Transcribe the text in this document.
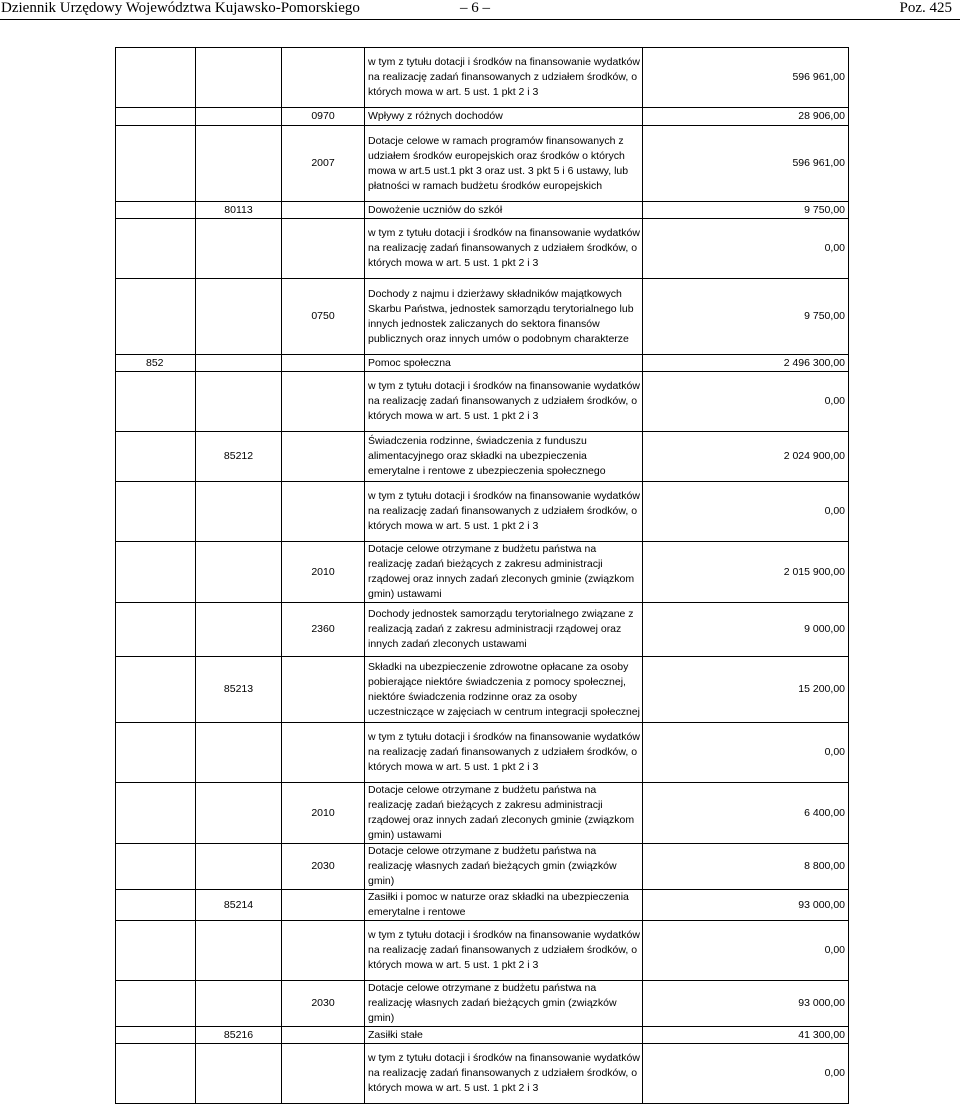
Dziennik Urzędowy Województwa Kujawsko-Pomorskiego	– 6 –	Poz. 425
			w tym z tytułu dotacji i środków na finansowanie wydatków na realizację zadań finansowanych z udziałem środków, o których mowa w art. 5 ust. 1 pkt 2 i 3	596 961,00
		0970	Wpływy z różnych dochodów	28 906,00
		2007	Dotacje celowe w ramach programów finansowanych z udziałem środków europejskich oraz środków o których mowa w art.5 ust.1 pkt 3 oraz ust. 3 pkt 5 i 6 ustawy, lub płatności w ramach budżetu środków europejskich	596 961,00
	80113		Dowożenie uczniów do szkół	9 750,00
			w tym z tytułu dotacji i środków na finansowanie wydatków na realizację zadań finansowanych z udziałem środków, o których mowa w art. 5 ust. 1 pkt 2 i 3	0,00
		0750	Dochody z najmu i dzierżawy składników majątkowych Skarbu Państwa, jednostek samorządu terytorialnego lub innych jednostek zaliczanych do sektora finansów publicznych oraz innych umów o podobnym charakterze	9 750,00
852			Pomoc społeczna	2 496 300,00
			w tym z tytułu dotacji i środków na finansowanie wydatków na realizację zadań finansowanych z udziałem środków, o których mowa w art. 5 ust. 1 pkt 2 i 3	0,00
	85212		Świadczenia rodzinne, świadczenia z funduszu alimentacyjnego oraz składki na ubezpieczenia emerytalne i rentowe z ubezpieczenia społecznego	2 024 900,00
			w tym z tytułu dotacji i środków na finansowanie wydatków na realizację zadań finansowanych z udziałem środków, o których mowa w art. 5 ust. 1 pkt 2 i 3	0,00
		2010	Dotacje celowe otrzymane z budżetu państwa na realizację zadań bieżących z zakresu administracji rządowej oraz innych zadań zleconych gminie (związkom gmin) ustawami	2 015 900,00
		2360	Dochody jednostek samorządu terytorialnego związane z realizacją zadań z zakresu administracji rządowej oraz innych zadań zleconych ustawami	9 000,00
	85213		Składki na ubezpieczenie zdrowotne opłacane za osoby pobierające niektóre świadczenia z pomocy społecznej, niektóre świadczenia rodzinne oraz za osoby uczestniczące w zajęciach w centrum integracji społecznej	15 200,00
			w tym z tytułu dotacji i środków na finansowanie wydatków na realizację zadań finansowanych z udziałem środków, o których mowa w art. 5 ust. 1 pkt 2 i 3	0,00
		2010	Dotacje celowe otrzymane z budżetu państwa na realizację zadań bieżących z zakresu administracji rządowej oraz innych zadań zleconych gminie (związkom gmin) ustawami	6 400,00
		2030	Dotacje celowe otrzymane z budżetu państwa na realizację własnych zadań bieżących gmin (związków gmin)	8 800,00
	85214		Zasiłki i pomoc w naturze oraz składki na ubezpieczenia emerytalne i rentowe	93 000,00
			w tym z tytułu dotacji i środków na finansowanie wydatków na realizację zadań finansowanych z udziałem środków, o których mowa w art. 5 ust. 1 pkt 2 i 3	0,00
		2030	Dotacje celowe otrzymane z budżetu państwa na realizację własnych zadań bieżących gmin (związków gmin)	93 000,00
	85216		Zasiłki stałe	41 300,00
			w tym z tytułu dotacji i środków na finansowanie wydatków na realizację zadań finansowanych z udziałem środków, o których mowa w art. 5 ust. 1 pkt 2 i 3	0,00
